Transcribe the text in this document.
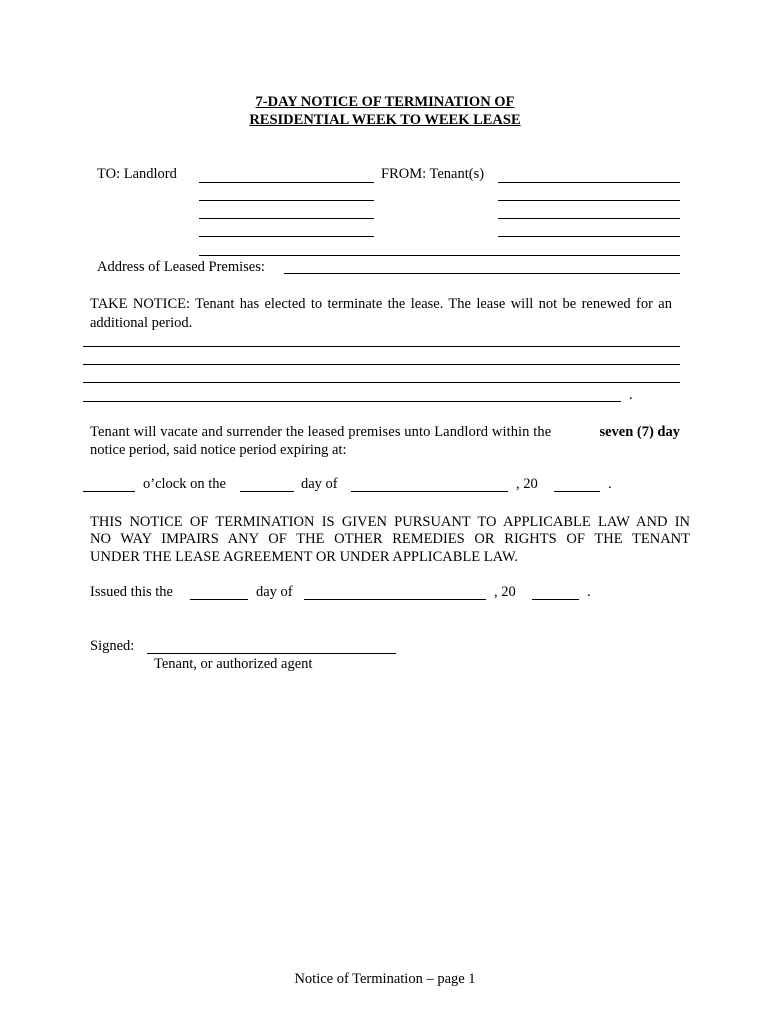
7-DAY NOTICE OF TERMINATION OF
RESIDENTIAL WEEK TO WEEK LEASE
TO: Landlord	FROM: Tenant(s)
Address of Leased Premises:
TAKE NOTICE: Tenant has elected to terminate the lease. The lease will not be renewed for an
additional period.
.
Tenant will vacate and surrender the leased premises unto Landlord within the	seven (7) day
notice period, said notice period expiring at:
o’clock on the	day of	, 20	.
THIS NOTICE OF TERMINATION IS GIVEN PURSUANT TO APPLICABLE LAW AND IN
NO WAY IMPAIRS ANY OF THE OTHER REMEDIES OR RIGHTS OF THE TENANT
UNDER THE LEASE AGREEMENT OR UNDER APPLICABLE LAW.
Issued this the	day of	, 20	.
Signed:
Tenant, or authorized agent
Notice of Termination – page 1
